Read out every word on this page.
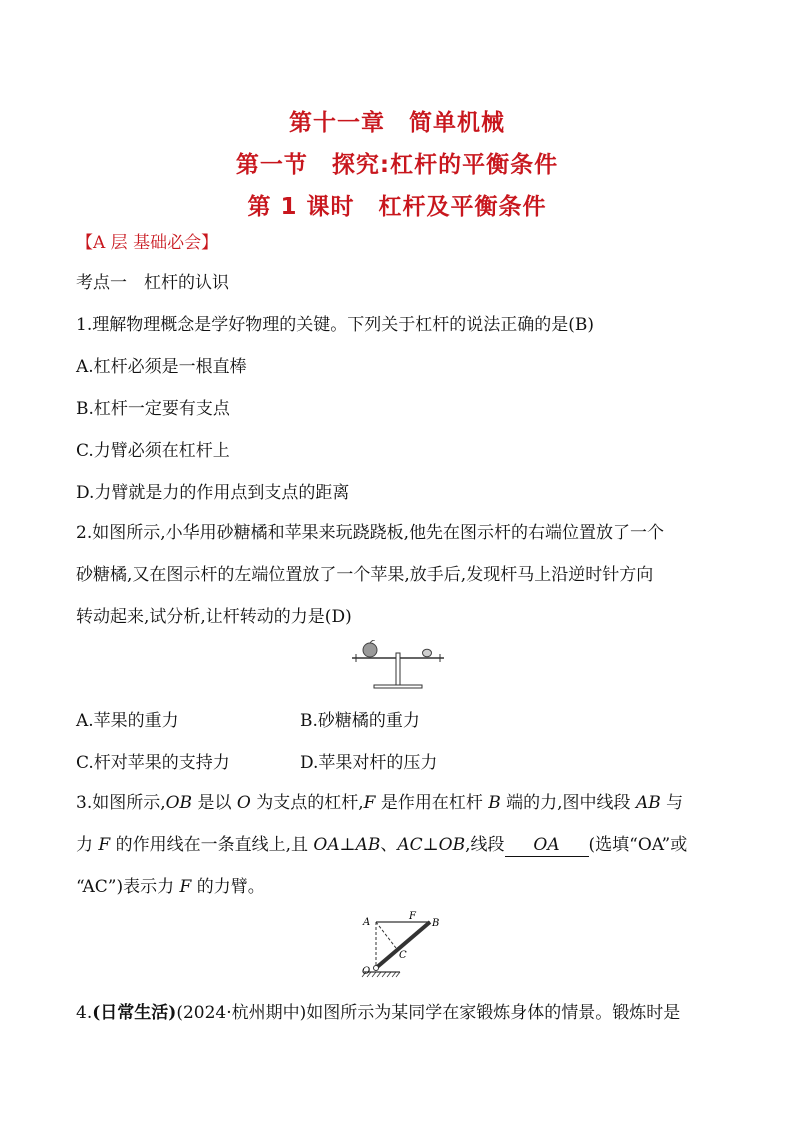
第十一章　简单机械
第一节　探究:杠杆的平衡条件
第 1 课时　杠杆及平衡条件
【A 层 基础必会】
考点一　杠杆的认识
1.理解物理概念是学好物理的关键。下列关于杠杆的说法正确的是(B)
A.杠杆必须是一根直棒
B.杠杆一定要有支点
C.力臂必须在杠杆上
D.力臂就是力的作用点到支点的距离
2.如图所示,小华用砂糖橘和苹果来玩跷跷板,他先在图示杆的右端位置放了一个
砂糖橘,又在图示杆的左端位置放了一个苹果,放手后,发现杆马上沿逆时针方向
转动起来,试分析,让杆转动的力是(D)
A.苹果的重力	B.砂糖橘的重力
C.杆对苹果的支持力	D.苹果对杆的压力
3.如图所示,OB 是以 O 为支点的杠杆,F 是作用在杠杆 B 端的力,图中线段 AB 与
力 F 的作用线在一条直线上,且 OA⊥AB、AC⊥OB,线段 OA (选填“OA”或
“AC”)表示力 F 的力臂。
A
F
B
C
O
4.(日常生活)(2024·杭州期中)如图所示为某同学在家锻炼身体的情景。锻炼时是
